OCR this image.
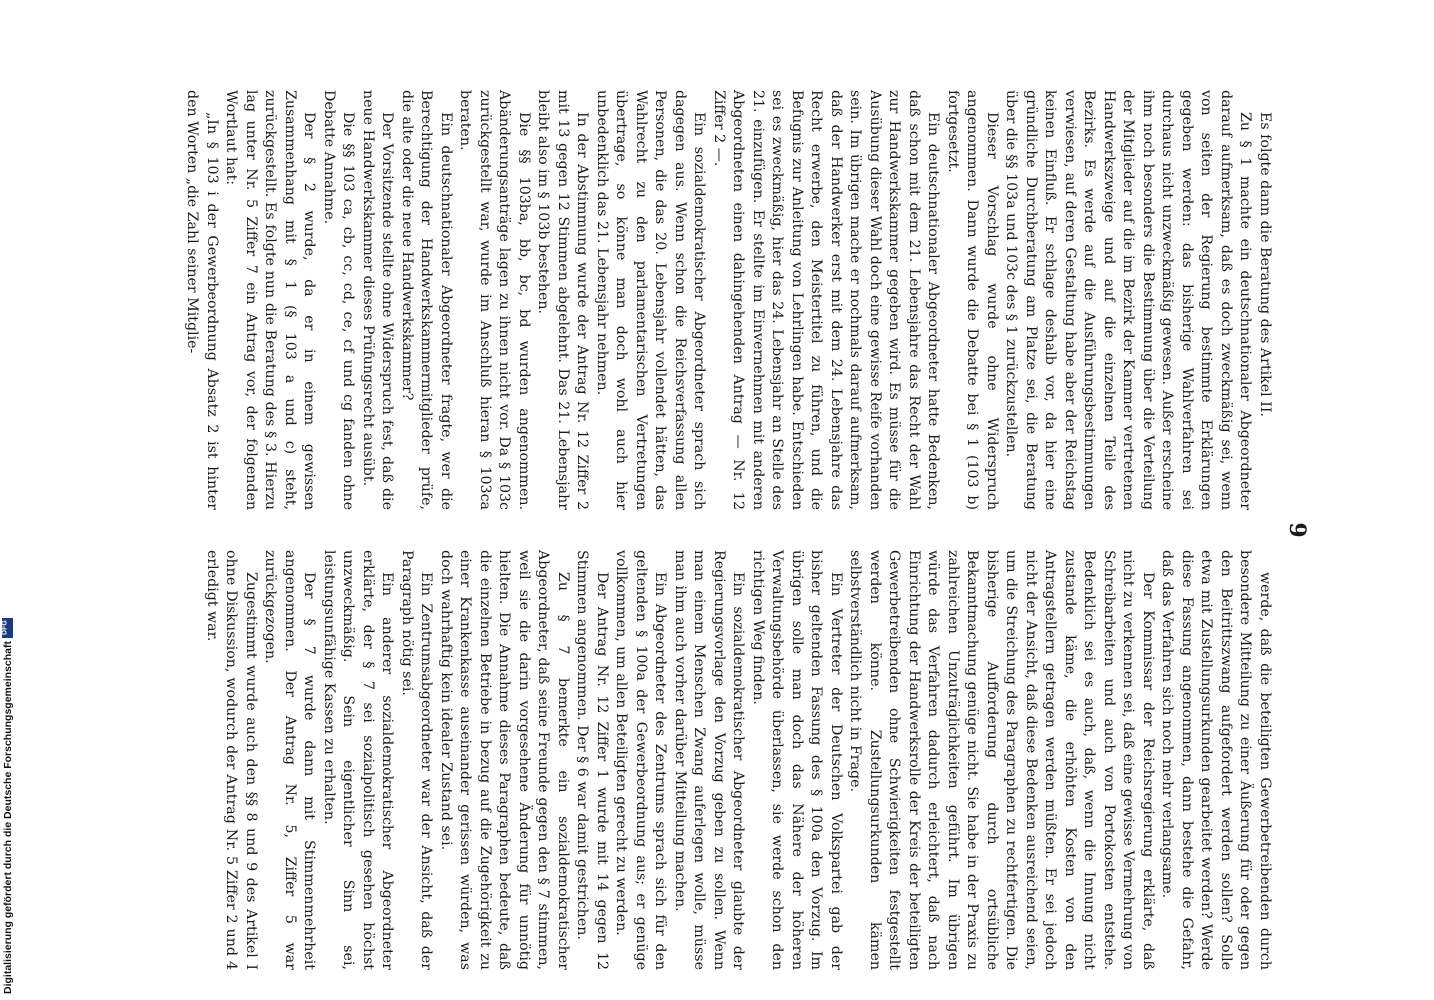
9

Es folgte dann die Beratung des Artikel II.

Zu § 1 machte ein deutschnationaler Abgeordneter darauf aufmerksam, daß es doch zweckmäßig sei, wenn von seiten der Regierung bestimmte Erklärungen gegeben werden: das bisherige Wahlverfahren sei durchaus nicht unzweckmäßig gewesen. Außer erscheine ihm noch besonders die Bestimmung über die Verteilung der Mitglieder auf die im Bezirk der Kammer vertretenen Handwerkszweige und auf die einzelnen Teile des Bezirks. Es werde auf die Ausführungsbestimmungen verwiesen, auf deren Gestaltung habe aber der Reichstag keinen Einfluß. Er schlage deshalb vor, da hier eine gründliche Durchberatung am Platze sei, die Beratung über die §§ 103a und 103c des § 1 zurückzustellen.

Dieser Vorschlag wurde ohne Widerspruch angenommen. Dann wurde die Debatte bei § 1 (103 b) fortgesetzt.

Ein deutschnationaler Abgeordneter hatte Bedenken, daß schon mit dem 21. Lebensjahre das Recht der Wahl zur Handwerkskammer gegeben wird. Es müsse für die Ausübung dieser Wahl doch eine gewisse Reife vorhanden sein. Im übrigen mache er nochmals darauf aufmerksam, daß der Handwerker erst mit dem 24. Lebensjahre das Recht erwerbe, den Meistertitel zu führen, und die Befugnis zur Anleitung von Lehrlingen habe. Entschieden sei es zweckmäßig, hier das 24. Lebensjahr an Stelle des 21. einzufügen. Er stellte im Einvernehmen mit anderen Abgeordneten einen dahingehenden Antrag — Nr. 12 Ziffer 2 —.

Ein sozialdemokratischer Abgeordneter sprach sich dagegen aus. Wenn schon die Reichsverfassung allen Personen, die das 20. Lebensjahr vollendet hätten, das Wahlrecht zu den parlamentarischen Vertretungen übertrage, so könne man doch wohl auch hier unbedenklich das 21. Lebensjahr nehmen.

In der Abstimmung wurde der Antrag Nr. 12 Ziffer 2 mit 13 gegen 12 Stimmen abgelehnt. Das 21. Lebensjahr bleibt also im § 103b bestehen.

Die §§ 103ba, bb, bc, bd wurden angenommen. Abänderungsanträge lagen zu ihnen nicht vor. Da § 103c zurückgestellt war, wurde im Anschluß hieran § 103ca beraten.

Ein deutschnationaler Abgeordneter fragte, wer die Berechtigung der Handwerkskammermitglieder prüfe, die alte oder die neue Handwerkskammer?

Der Vorsitzende stellte ohne Widerspruch fest, daß die neue Handwerkskammer dieses Prüfungsrecht ausübt.

Die §§ 103 ca, cb, cc, cd, ce, cf und cg fanden ohne Debatte Annahme.

Der § 2 wurde, da er in einem gewissen Zusammenhang mit § 1 (§ 103 a und c) steht, zurückgestellt. Es folgte nun die Beratung des § 3. Hierzu lag unter Nr. 5 Ziffer 7 ein Antrag vor, der folgenden Wortlaut hat:

„In § 103 i der Gewerbeordnung Absatz 2 ist hinter den Worten „die Zahl seiner Mitglie-

werde, daß die beteiligten Gewerbetreibenden durch besondere Mitteilung zu einer Äußerung für oder gegen den Beitrittszwang aufgefordert werden sollen? Solle etwa mit Zustellungsurkunden gearbeitet werden? Werde diese Fassung angenommen, dann bestehe die Gefahr, daß das Verfahren sich noch mehr verlangsame.

Der Kommissar der Reichsregierung erklärte, daß nicht zu verkennen sei, daß eine gewisse Vermehrung von Schreibarbeiten und auch von Portokosten entstehe. Bedenklich sei es auch, daß, wenn die Innung nicht zustande käme, die erhöhten Kosten von den Antragstellern getragen werden müßten. Er sei jedoch nicht der Ansicht, daß diese Bedenken ausreichend seien, um die Streichung des Paragraphen zu rechtfertigen. Die bisherige Aufforderung durch ortsübliche Bekanntmachung genüge nicht. Sie habe in der Praxis zu zahlreichen Unzuträglichkeiten geführt. Im übrigen würde das Verfahren dadurch erleichtert, daß nach Einrichtung der Handwerksrolle der Kreis der beteiligten Gewerbetreibenden ohne Schwierigkeiten festgestellt werden könne. Zustellungsurkunden kämen selbstverständlich nicht in Frage.

Ein Vertreter der Deutschen Volkspartei gab der bisher geltenden Fassung des § 100a den Vorzug. Im übrigen solle man doch das Nähere der höheren Verwaltungsbehörde überlassen, sie werde schon den richtigen Weg finden.

Ein sozialdemokratischer Abgeordneter glaubte der Regierungsvorlage den Vorzug geben zu sollen. Wenn man einem Menschen Zwang auferlegen wolle, müsse man ihm auch vorher darüber Mitteilung machen.

Ein Abgeordneter des Zentrums sprach sich für den geltenden § 100a der Gewerbeordnung aus; er genüge vollkommen, um allen Beteiligten gerecht zu werden.

Der Antrag Nr. 12 Ziffer 1 wurde mit 14 gegen 12 Stimmen angenommen. Der § 6 war damit gestrichen.

Zu § 7 bemerkte ein sozialdemokratischer Abgeordneter, daß seine Freunde gegen den § 7 stimmen, weil sie die darin vorgesehene Änderung für unnötig hielten. Die Annahme dieses Paragraphen bedeute, daß die einzelnen Betriebe in bezug auf die Zugehörigkeit zu einer Krankenkasse auseinander gerissen würden, was doch wahrhaftig kein idealer Zustand sei.

Ein Zentrumsabgeordneter war der Ansicht, daß der Paragraph nötig sei.

Ein anderer sozialdemokratischer Abgeordneter erklärte, der § 7 sei sozialpolitisch gesehen höchst unzweckmäßig. Sein eigentlicher Sinn sei, leistungsunfähige Kassen zu erhalten.

Der § 7 wurde dann mit Stimmenmehrheit angenommen. Der Antrag Nr. 5, Ziffer 5 war zurückgezogen.

Zugestimmt wurde auch den §§ 8 und 9 des Artikel I ohne Diskussion, wodurch der Antrag Nr. 5 Ziffer 2 und 4 erledigt war.

Digitalisierung gefördert durch die Deutsche Forschungsgemeinschaft
DFG
